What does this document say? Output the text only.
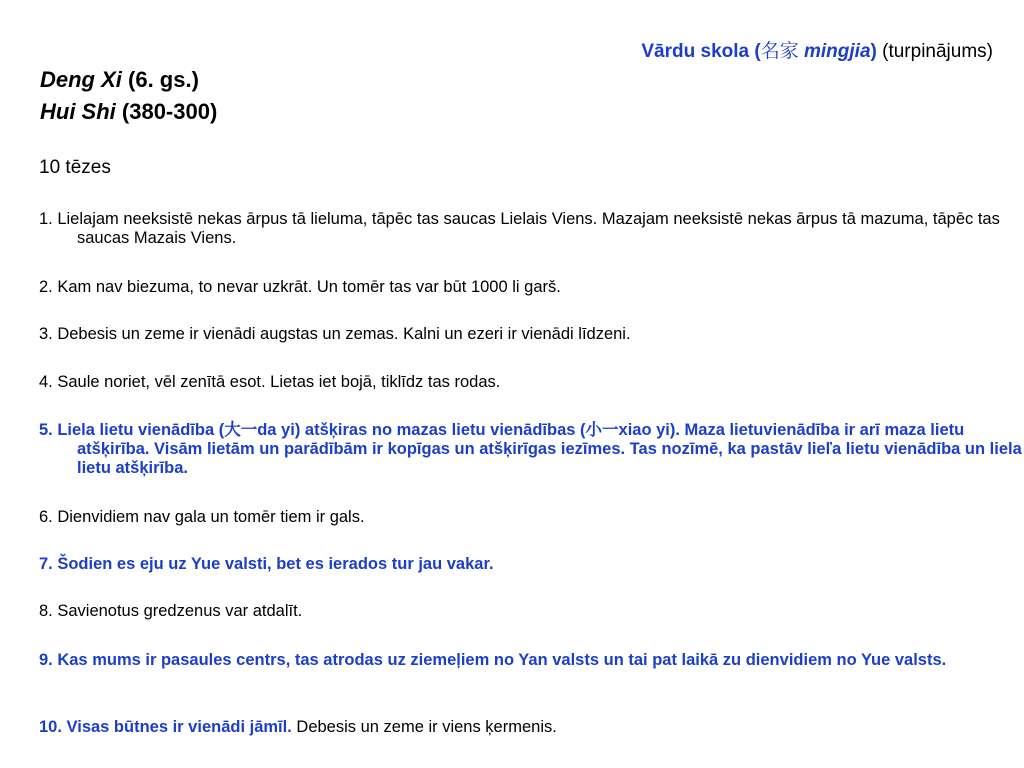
Vārdu skola (名家 mingjia) (turpinājums)
Deng Xi (6. gs.)
Hui Shi (380-300)
10 tēzes
1. Lielajam neeksistē nekas ārpus tā lieluma, tāpēc tas saucas Lielais Viens. Mazajam neeksistē nekas ārpus tā mazuma, tāpēc tas saucas Mazais Viens.
2. Kam nav biezuma, to nevar uzkrāt. Un tomēr tas var būt 1000 li garš.
3. Debesis un zeme ir vienādi augstas un zemas. Kalni un ezeri ir vienādi līdzeni.
4. Saule noriet, vēl zenītā esot. Lietas iet bojā, tiklīdz tas rodas.
5. Liela lietu vienādība (大一da yi) atšķiras no mazas lietu vienādības (小一xiao yi). Maza lietuvienādība ir arī maza lietu atšķirība. Visām lietām un parādībām ir kopīgas un atšķirīgas iezīmes. Tas nozīmē, ka pastāv lieľa lietu vienādība un liela lietu atšķirība.
6. Dienvidiem nav gala un tomēr tiem ir gals.
7. Šodien es eju uz Yue valsti, bet es ierados tur jau vakar.
8. Savienotus gredzenus var atdalīt.
9. Kas mums ir pasaules centrs, tas atrodas uz ziemeļiem no Yan valsts un tai pat laikā zu dienvidiem no Yue valsts.
10. Visas būtnes ir vienādi jāmīl. Debesis un zeme ir viens ķermenis.
